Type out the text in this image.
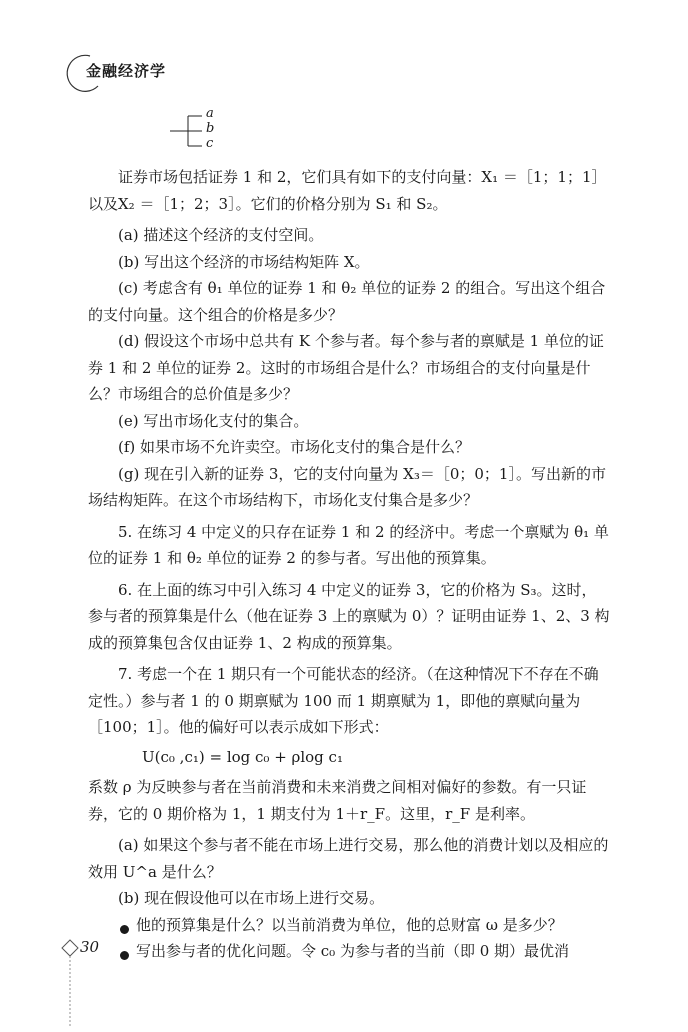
金融经济学
a
b
c

证券市场包括证券 1 和 2，它们具有如下的支付向量：X₁ ＝［1；1；1］以及X₂ ＝［1；2；3］。它们的价格分别为 S₁ 和 S₂。

(a) 描述这个经济的支付空间。

(b) 写出这个经济的市场结构矩阵 X。

(c) 考虑含有 θ₁ 单位的证券 1 和 θ₂ 单位的证券 2 的组合。写出这个组合的支付向量。这个组合的价格是多少？

(d) 假设这个市场中总共有 K 个参与者。每个参与者的禀赋是 1 单位的证券 1 和 2 单位的证券 2。这时的市场组合是什么？市场组合的支付向量是什么？市场组合的总价值是多少？

(e) 写出市场化支付的集合。

(f) 如果市场不允许卖空。市场化支付的集合是什么？

(g) 现在引入新的证券 3，它的支付向量为 X₃＝［0；0；1］。写出新的市场结构矩阵。在这个市场结构下，市场化支付集合是多少？

5. 在练习 4 中定义的只存在证券 1 和 2 的经济中。考虑一个禀赋为 θ₁ 单位的证券 1 和 θ₂ 单位的证券 2 的参与者。写出他的预算集。

6. 在上面的练习中引入练习 4 中定义的证券 3，它的价格为 S₃。这时，参与者的预算集是什么（他在证券 3 上的禀赋为 0）？证明由证券 1、2、3 构成的预算集包含仅由证券 1、2 构成的预算集。

7. 考虑一个在 1 期只有一个可能状态的经济。（在这种情况下不存在不确定性。）参与者 1 的 0 期禀赋为 100 而 1 期禀赋为 1，即他的禀赋向量为［100；1］。他的偏好可以表示成如下形式：

U(c₀ ,c₁) = log c₀ + ρlog c₁

系数 ρ 为反映参与者在当前消费和未来消费之间相对偏好的参数。有一只证券，它的 0 期价格为 1，1 期支付为 1＋r_F。这里，r_F 是利率。

(a) 如果这个参与者不能在市场上进行交易，那么他的消费计划以及相应的效用 U^a 是什么？

(b) 现在假设他可以在市场上进行交易。

他的预算集是什么？以当前消费为单位，他的总财富 ω 是多少？

写出参与者的优化问题。令 c₀ 为参与者的当前（即 0 期）最优消

30
